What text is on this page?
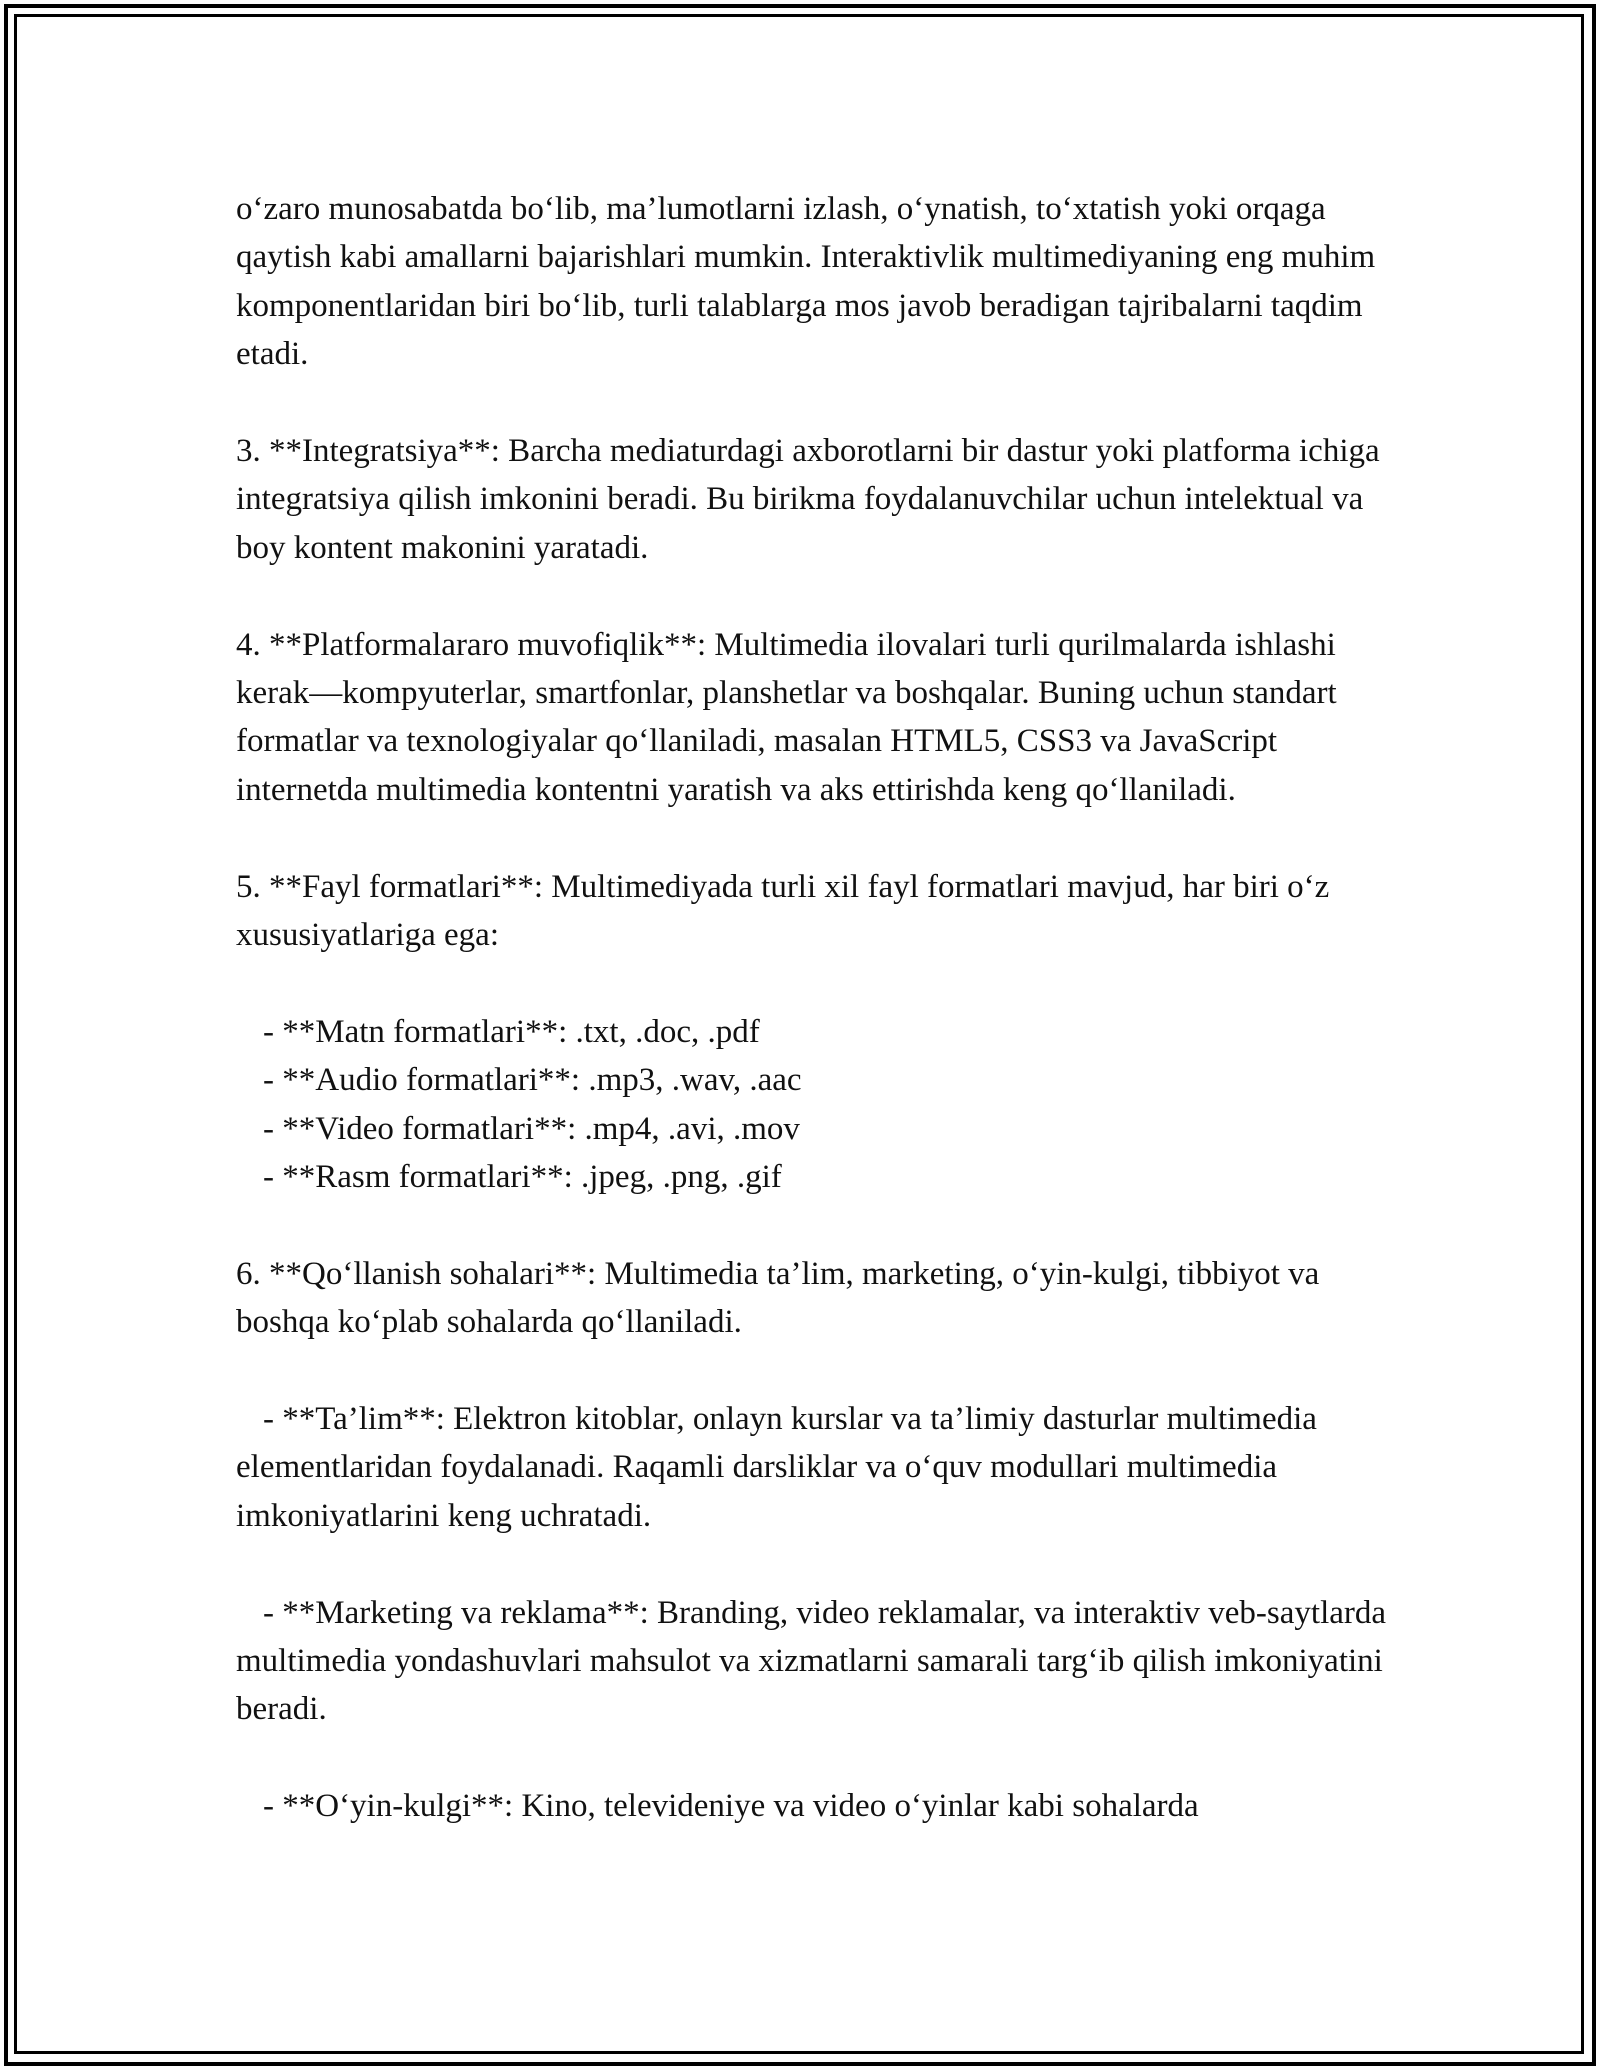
o‘zaro munosabatda bo‘lib, ma’lumotlarni izlash, o‘ynatish, to‘xtatish yoki orqaga qaytish kabi amallarni bajarishlari mumkin. Interaktivlik multimediyaning eng muhim komponentlaridan biri bo‘lib, turli talablarga mos javob beradigan tajribalarni taqdim etadi.

3. **Integratsiya**: Barcha mediaturdagi axborotlarni bir dastur yoki platforma ichiga integratsiya qilish imkonini beradi. Bu birikma foydalanuvchilar uchun intelektual va boy kontent makonini yaratadi.

4. **Platformalararo muvofiqlik**: Multimedia ilovalari turli qurilmalarda ishlashi kerak—kompyuterlar, smartfonlar, planshetlar va boshqalar. Buning uchun standart formatlar va texnologiyalar qo‘llaniladi, masalan HTML5, CSS3 va JavaScript internetda multimedia kontentni yaratish va aks ettirishda keng qo‘llaniladi.

5. **Fayl formatlari**: Multimediyada turli xil fayl formatlari mavjud, har biri o‘z xususiyatlariga ega:

- **Matn formatlari**: .txt, .doc, .pdf

- **Audio formatlari**: .mp3, .wav, .aac

- **Video formatlari**: .mp4, .avi, .mov

- **Rasm formatlari**: .jpeg, .png, .gif

6. **Qo‘llanish sohalari**: Multimedia ta’lim, marketing, o‘yin-kulgi, tibbiyot va boshqa ko‘plab sohalarda qo‘llaniladi.

- **Ta’lim**: Elektron kitoblar, onlayn kurslar va ta’limiy dasturlar multimedia elementlaridan foydalanadi. Raqamli darsliklar va o‘quv modullari multimedia imkoniyatlarini keng uchratadi.

- **Marketing va reklama**: Branding, video reklamalar, va interaktiv veb-saytlarda multimedia yondashuvlari mahsulot va xizmatlarni samarali targ‘ib qilish imkoniyatini beradi.

- **O‘yin-kulgi**: Kino, televideniye va video o‘yinlar kabi sohalarda
